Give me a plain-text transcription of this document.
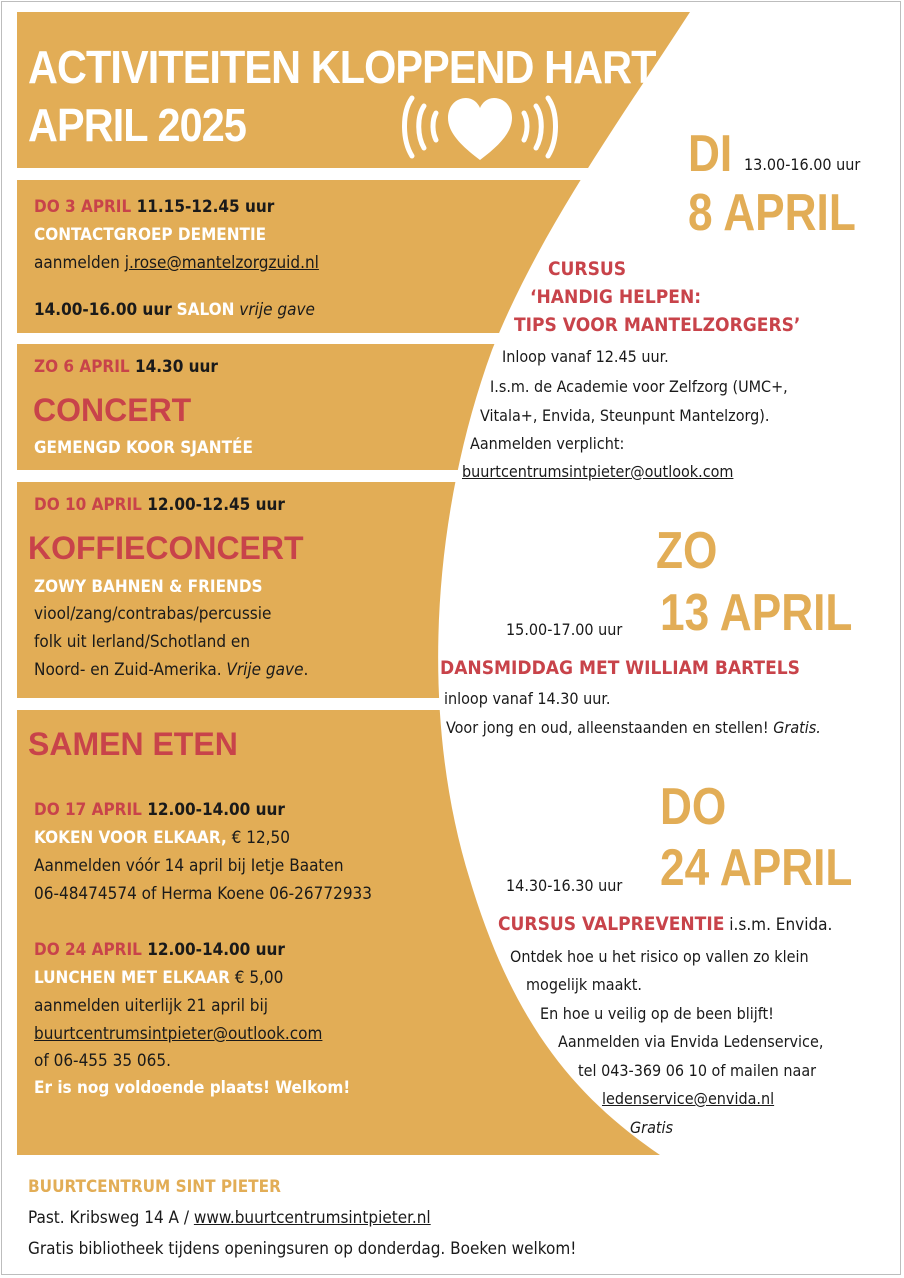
ACTIVITEITEN KLOPPEND HART
APRIL 2025
DO 3 APRIL 11.15-12.45 uur
CONTACTGROEP DEMENTIE
aanmelden j.rose@mantelzorgzuid.nl
14.00-16.00 uur SALON vrije gave
ZO 6 APRIL 14.30 uur
CONCERT
GEMENGD KOOR SJANTÉE
DO 10 APRIL 12.00-12.45 uur
KOFFIECONCERT
ZOWY BAHNEN & FRIENDS
viool/zang/contrabas/percussie
folk uit Ierland/Schotland en
Noord- en Zuid-Amerika. Vrije gave.
SAMEN ETEN
DO 17 APRIL 12.00-14.00 uur
KOKEN VOOR ELKAAR, € 12,50
Aanmelden vóór 14 april bij Ietje Baaten
06-48474574 of Herma Koene 06-26772933
DO 24 APRIL 12.00-14.00 uur
LUNCHEN MET ELKAAR € 5,00
aanmelden uiterlijk 21 april bij
buurtcentrumsintpieter@outlook.com
of 06-455 35 065.
Er is nog voldoende plaats! Welkom!
DI 13.00-16.00 uur
8 APRIL
CURSUS
‘HANDIG HELPEN:
TIPS VOOR MANTELZORGERS’
Inloop vanaf 12.45 uur.
I.s.m. de Academie voor Zelfzorg (UMC+,
Vitala+, Envida, Steunpunt Mantelzorg).
Aanmelden verplicht:
buurtcentrumsintpieter@outlook.com
ZO
15.00-17.00 uur 13 APRIL
DANSMIDDAG MET WILLIAM BARTELS
inloop vanaf 14.30 uur.
Voor jong en oud, alleenstaanden en stellen! Gratis.
DO
14.30-16.30 uur 24 APRIL
CURSUS VALPREVENTIE i.s.m. Envida.
Ontdek hoe u het risico op vallen zo klein
mogelijk maakt.
En hoe u veilig op de been blijft!
Aanmelden via Envida Ledenservice,
tel 043-369 06 10 of mailen naar
ledenservice@envida.nl
Gratis
BUURTCENTRUM SINT PIETER
Past. Kribsweg 14 A / www.buurtcentrumsintpieter.nl
Gratis bibliotheek tijdens openingsuren op donderdag. Boeken welkom!
